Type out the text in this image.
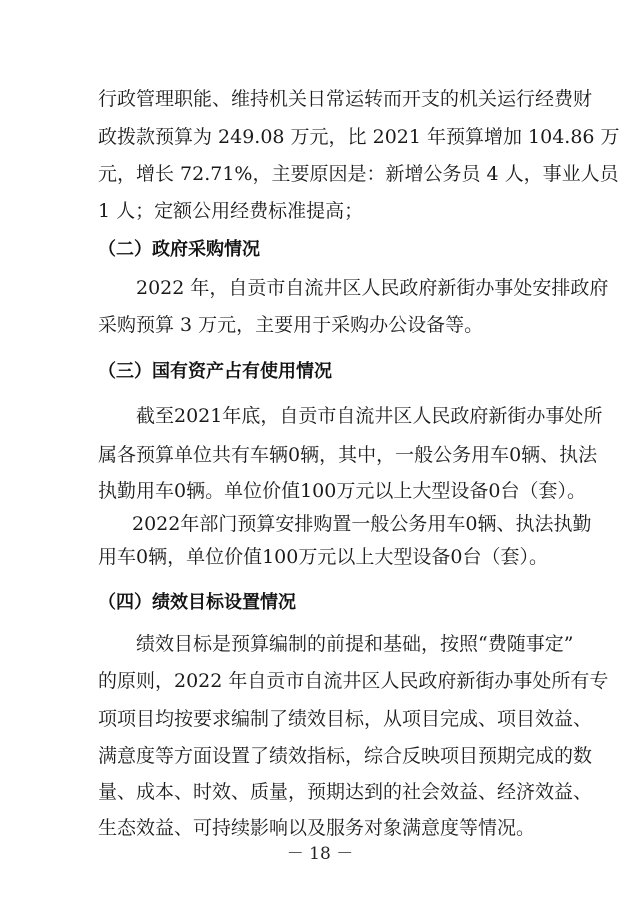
行政管理职能、维持机关日常运转而开支的机关运行经费财
政拨款预算为 249.08 万元，比 2021 年预算增加 104.86 万
元，增长 72.71%，主要原因是：新增公务员 4 人，事业人员
1 人；定额公用经费标准提高；
（二）政府采购情况
2022 年，自贡市自流井区人民政府新街办事处安排政府
采购预算 3 万元，主要用于采购办公设备等。
（三）国有资产占有使用情况
截至2021年底，自贡市自流井区人民政府新街办事处所
属各预算单位共有车辆0辆，其中，一般公务用车0辆、执法
执勤用车0辆。单位价值100万元以上大型设备0台（套）。
2022年部门预算安排购置一般公务用车0辆、执法执勤
用车0辆，单位价值100万元以上大型设备0台（套）。
（四）绩效目标设置情况
绩效目标是预算编制的前提和基础，按照“费随事定”
的原则，2022 年自贡市自流井区人民政府新街办事处所有专
项项目均按要求编制了绩效目标，从项目完成、项目效益、
满意度等方面设置了绩效指标，综合反映项目预期完成的数
量、成本、时效、质量，预期达到的社会效益、经济效益、
生态效益、可持续影响以及服务对象满意度等情况。
－ 18 －
